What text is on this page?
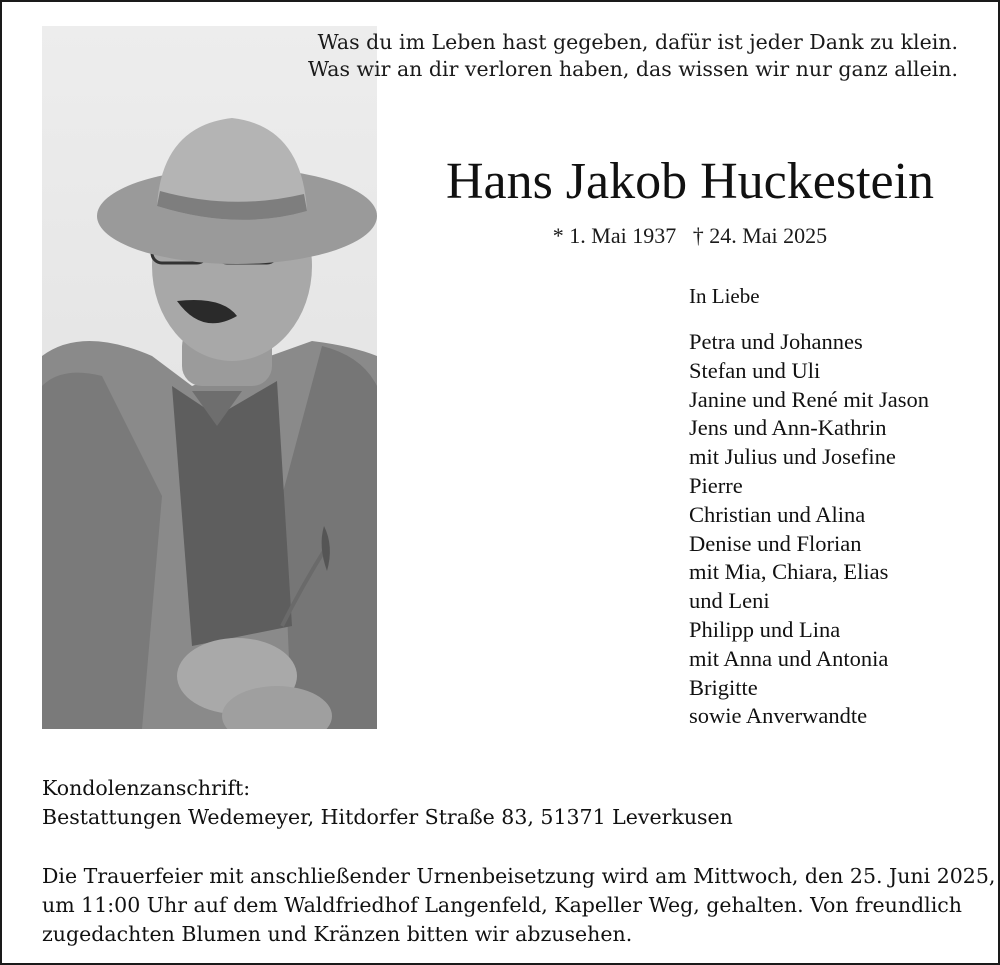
Was du im Leben hast gegeben, dafür ist jeder Dank zu klein.
Was wir an dir verloren haben, das wissen wir nur ganz allein.
Hans Jakob Huckestein
* 1. Mai 1937   † 24. Mai 2025
In Liebe
Petra und Johannes
Stefan und Uli
Janine und René mit Jason
Jens und Ann-Kathrin
mit Julius und Josefine
Pierre
Christian und Alina
Denise und Florian
mit Mia, Chiara, Elias
und Leni
Philipp und Lina
mit Anna und Antonia
Brigitte
sowie Anverwandte
Kondolenzanschrift:
Bestattungen Wedemeyer, Hitdorfer Straße 83, 51371 Leverkusen
Die Trauerfeier mit anschließender Urnenbeisetzung wird am Mittwoch, den 25. Juni 2025,
um 11:00 Uhr auf dem Waldfriedhof Langenfeld, Kapeller Weg, gehalten. Von freundlich
zugedachten Blumen und Kränzen bitten wir abzusehen.
